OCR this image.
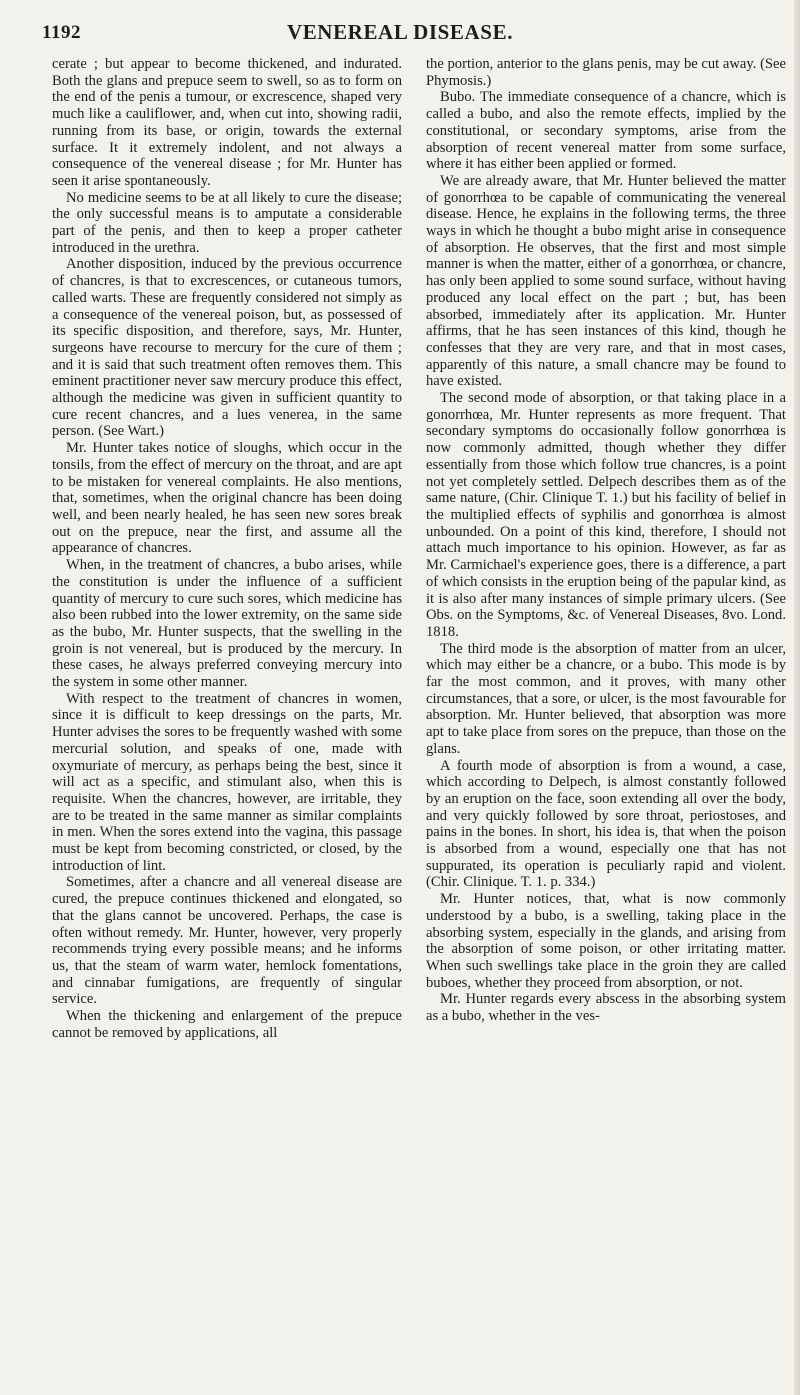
1192	VENEREAL DISEASE.

cerate ; but appear to become thickened, and indurated. Both the glans and prepuce seem to swell, so as to form on the end of the penis a tumour, or excrescence, shaped very much like a cauliflower, and, when cut into, showing radii, running from its base, or origin, towards the external surface. It it extremely indolent, and not always a consequence of the venereal disease ; for Mr. Hunter has seen it arise spontaneously.

No medicine seems to be at all likely to cure the disease; the only successful means is to amputate a considerable part of the penis, and then to keep a proper catheter introduced in the urethra.

Another disposition, induced by the previous occurrence of chancres, is that to excrescences, or cutaneous tumors, called warts. These are frequently considered not simply as a consequence of the venereal poison, but, as possessed of its specific disposition, and therefore, says, Mr. Hunter, surgeons have recourse to mercury for the cure of them ; and it is said that such treatment often removes them. This eminent practitioner never saw mercury produce this effect, although the medicine was given in sufficient quantity to cure recent chancres, and a lues venerea, in the same person. (See Wart.)

Mr. Hunter takes notice of sloughs, which occur in the tonsils, from the effect of mercury on the throat, and are apt to be mistaken for venereal complaints. He also mentions, that, sometimes, when the original chancre has been doing well, and been nearly healed, he has seen new sores break out on the prepuce, near the first, and assume all the appearance of chancres.

When, in the treatment of chancres, a bubo arises, while the constitution is under the influence of a sufficient quantity of mercury to cure such sores, which medicine has also been rubbed into the lower extremity, on the same side as the bubo, Mr. Hunter suspects, that the swelling in the groin is not venereal, but is produced by the mercury. In these cases, he always preferred conveying mercury into the system in some other manner.

With respect to the treatment of chancres in women, since it is difficult to keep dressings on the parts, Mr. Hunter advises the sores to be frequently washed with some mercurial solution, and speaks of one, made with oxymuriate of mercury, as perhaps being the best, since it will act as a specific, and stimulant also, when this is requisite. When the chancres, however, are irritable, they are to be treated in the same manner as similar complaints in men. When the sores extend into the vagina, this passage must be kept from becoming constricted, or closed, by the introduction of lint.

Sometimes, after a chancre and all venereal disease are cured, the prepuce continues thickened and elongated, so that the glans cannot be uncovered. Perhaps, the case is often without remedy. Mr. Hunter, however, very properly recommends trying every possible means; and he informs us, that the steam of warm water, hemlock fomentations, and cinnabar fumigations, are frequently of singular service.

When the thickening and enlargement of the prepuce cannot be removed by applications, all

the portion, anterior to the glans penis, may be cut away. (See Phymosis.)

Bubo. The immediate consequence of a chancre, which is called a bubo, and also the remote effects, implied by the constitutional, or secondary symptoms, arise from the absorption of recent venereal matter from some surface, where it has either been applied or formed.

We are already aware, that Mr. Hunter believed the matter of gonorrhœa to be capable of communicating the venereal disease. Hence, he explains in the following terms, the three ways in which he thought a bubo might arise in consequence of absorption. He observes, that the first and most simple manner is when the matter, either of a gonorrhœa, or chancre, has only been applied to some sound surface, without having produced any local effect on the part ; but, has been absorbed, immediately after its application. Mr. Hunter affirms, that he has seen instances of this kind, though he confesses that they are very rare, and that in most cases, apparently of this nature, a small chancre may be found to have existed.

The second mode of absorption, or that taking place in a gonorrhœa, Mr. Hunter represents as more frequent. That secondary symptoms do occasionally follow gonorrhœa is now commonly admitted, though whether they differ essentially from those which follow true chancres, is a point not yet completely settled. Delpech describes them as of the same nature, (Chir. Clinique T. 1.) but his facility of belief in the multiplied effects of syphilis and gonorrhœa is almost unbounded. On a point of this kind, therefore, I should not attach much importance to his opinion. However, as far as Mr. Carmichael's experience goes, there is a difference, a part of which consists in the eruption being of the papular kind, as it is also after many instances of simple primary ulcers. (See Obs. on the Symptoms, &c. of Venereal Diseases, 8vo. Lond. 1818.

The third mode is the absorption of matter from an ulcer, which may either be a chancre, or a bubo. This mode is by far the most common, and it proves, with many other circumstances, that a sore, or ulcer, is the most favourable for absorption. Mr. Hunter believed, that absorption was more apt to take place from sores on the prepuce, than those on the glans.

A fourth mode of absorption is from a wound, a case, which according to Delpech, is almost constantly followed by an eruption on the face, soon extending all over the body, and very quickly followed by sore throat, periostoses, and pains in the bones. In short, his idea is, that when the poison is absorbed from a wound, especially one that has not suppurated, its operation is peculiarly rapid and violent. (Chir. Clinique. T. 1. p. 334.)

Mr. Hunter notices, that, what is now commonly understood by a bubo, is a swelling, taking place in the absorbing system, especially in the glands, and arising from the absorption of some poison, or other irritating matter. When such swellings take place in the groin they are called buboes, whether they proceed from absorption, or not.

Mr. Hunter regards every abscess in the absorbing system as a bubo, whether in the ves-
